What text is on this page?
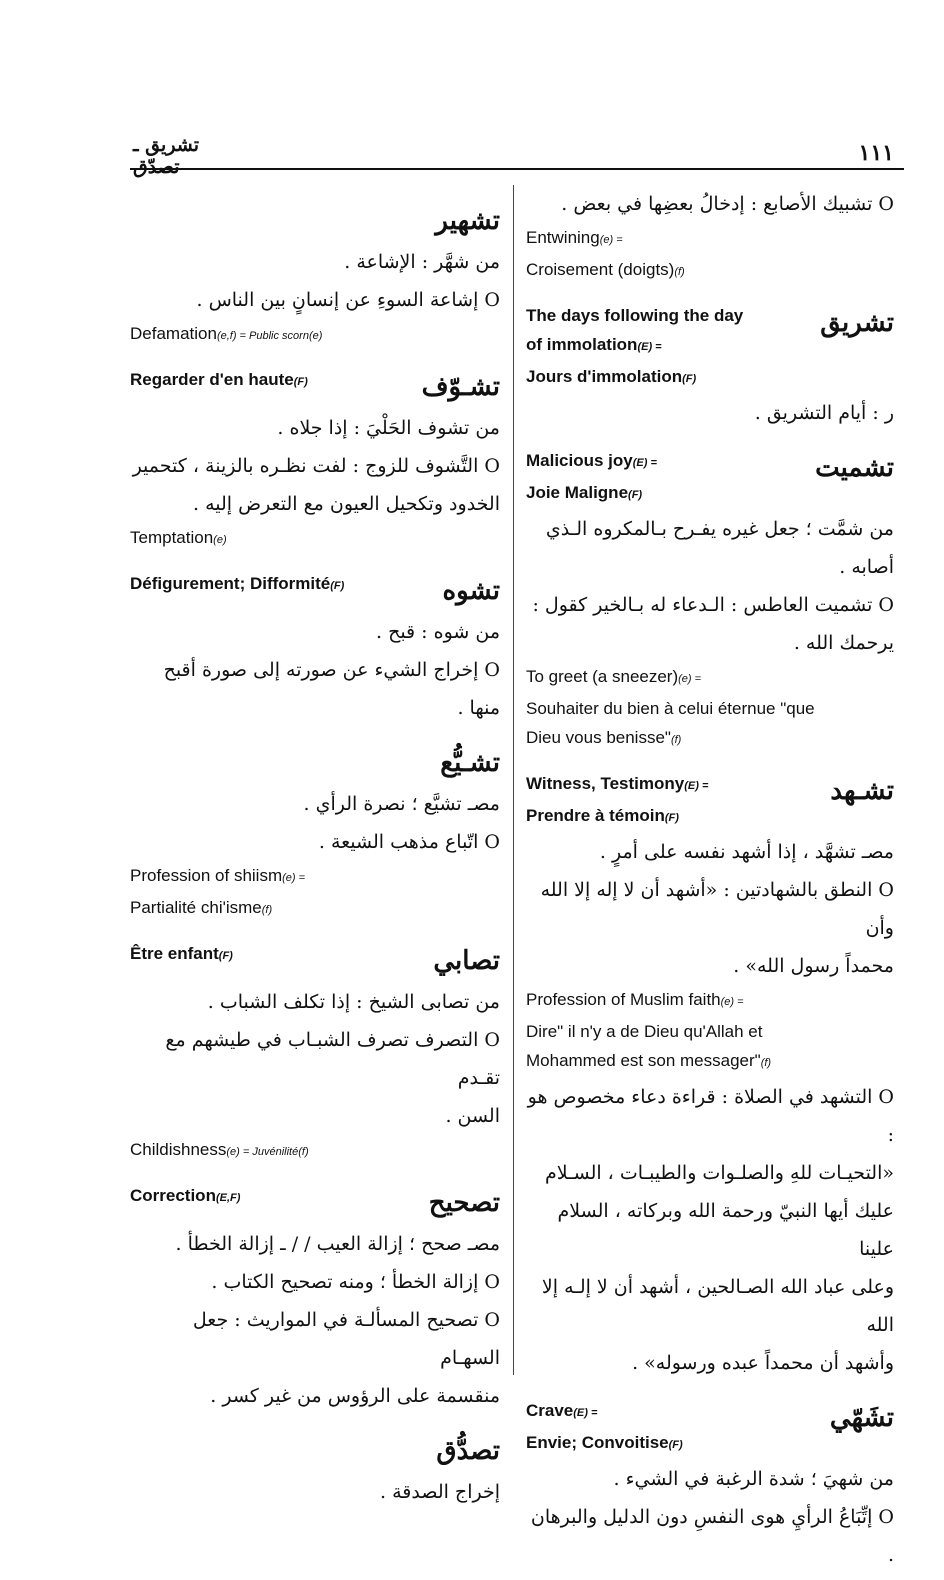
تشريق ـ تصدّق
١١١

O تشبيك الأصابع : إدخالُ بعضِها في بعض .

Entwining(e) =

Croisement (doigts)(f)

The days following the day

of immolation(E) =

Jours d'immolation(F)

تشريق

ر : أيام التشريق .

Malicious joy(E) =

Joie Maligne(F)

تشميت

من شمَّت ؛ جعل غيره يفـرح بـالمكروه الـذي

أصابه .

O تشميت العاطس : الـدعاء له بـالخير كقول :

يرحمك الله .

To greet (a sneezer)(e) =

Souhaiter du bien à celui éternue "que

Dieu vous benisse"(f)

Witness, Testimony(E) =

Prendre à témoin(F)

تشـهد

مصـ تشهَّد ، إذا أشهد نفسه على أمرٍ .

O النطق بالشهادتين : «أشهد أن لا إله إلا الله وأن

محمداً رسول الله» .

Profession of Muslim faith(e) =

Dire" il n'y a de Dieu qu'Allah et

Mohammed est son messager"(f)

O التشهد في الصلاة : قراءة دعاء مخصوص هو :

«التحيـات للهِ والصلـوات والطيبـات ، السـلام

عليك أيها النبيّ ورحمة الله وبركاته ، السلام علينا

وعلى عباد الله الصـالحين ، أشهد أن لا إلـه إلا الله

وأشهد أن محمداً عبده ورسوله» .

Crave(E) =

Envie; Convoitise(F)

تشَهّي

من شهيَ ؛ شدة الرغبة في الشيء .

O إتِّبَاعُ الرأيِ هوى النفسِ دون الدليل والبرهان .

تشهير

من شهَّر : الإشاعة .

O إشاعة السوءِ عن إنسانٍ بين الناس .

Defamation(e,f) = Public scorn(e)

Regarder d'en haute(F)	تشـوّف

من تشوف الحَلْيَ : إذا جلاه .

O التَّشوف للزوج : لفت نظـره بالزينة ، كتحمير

الخدود وتكحيل العيون مع التعرض إليه .

Temptation(e)

Défigurement; Difformité(F)	تشوه

من شوه : قبح .

O إخراج الشيء عن صورته إلى صورة أقبح منها .

تشـيُّع

مصـ تشيَّع ؛ نصرة الرأي .

O اتّباع مذهب الشيعة .

Profession of shiism(e) =

Partialité chi'isme(f)

Être enfant(F)	تصابي

من تصابى الشيخ : إذا تكلف الشباب .

O التصرف تصرف الشبـاب في طيشهم مع تقـدم

السن .

Childishness(e) = Juvénilité(f)

Correction(E,F)	تصحيح

مصـ صحح ؛ إزالة العيب / / ـ إزالة الخطأ .

O إزالة الخطأ ؛ ومنه تصحيح الكتاب .

O تصحيح المسألـة في المواريث : جعل السهـام

منقسمة على الرؤوس من غير كسر .

تصدُّق

إخراج الصدقة .
